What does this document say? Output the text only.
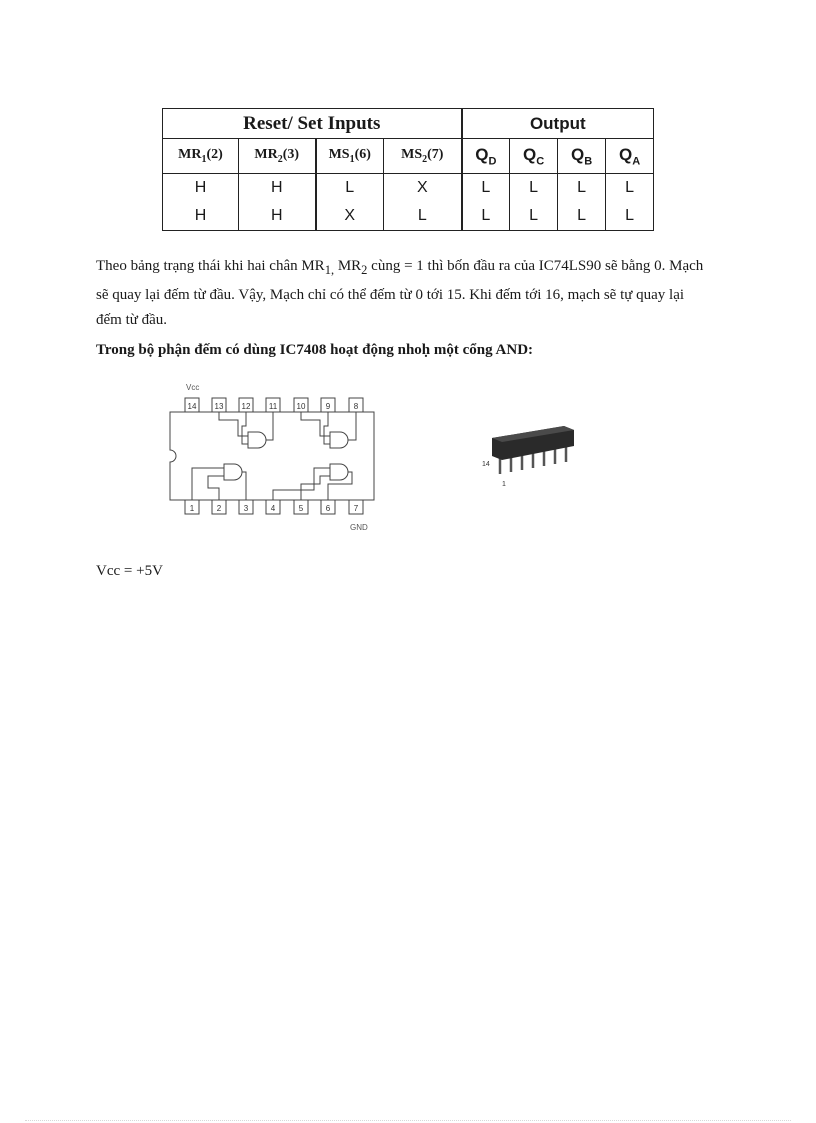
Reset/ Set Inputs				Output			
$MR_1(2)$	$MR_2(3)$	$MS_1(6)$	$MS_2(7)$	$Q_D$	$Q_C$	$Q_B$	$Q_A$
H	H	L	X	L	L	L	L
H	H	X	L	L	L	L	L

Theo bảng trạng thái khi hai chân $MR_{1,}$ $MR_2$ cùng = 1 thì bốn đầu ra của IC74LS90 sẽ bằng 0. Mạch sẽ quay lại đếm từ đầu. Vậy, Mạch chỉ có thể đếm từ 0 tới 15. Khi đếm tới 16, mạch sẽ tự quay lại đếm từ đầu.

Trong bộ phận đếm có dùng IC7408 hoạt động nhoḥ một cổng AND:

Vcc
GND
14 13 12 11 10	9	8
1	2	3	4	5	6	7
14
1

Vcc = +5V
